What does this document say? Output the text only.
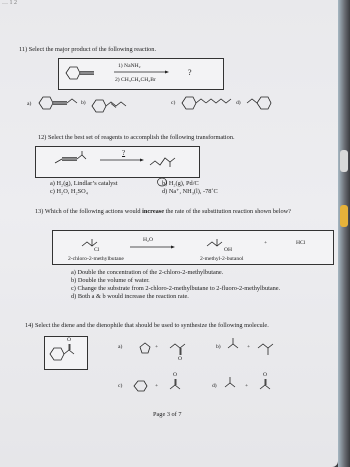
… 1 2
11) Select the major product of the following reaction.
1) NaNH₂
2) CH₃CH₂CH₂Br
?
a)	b)	c)	d)
12) Select the best set of reagents to accomplish the following transformation.
?
a) H₂(g), Lindlar’s catalyst	b) H₂(g), Pd/C
c) H₂O, H₂SO₄	d) Na⁺, NH₃(l), -78˚C
13) Which of the following actions would increase the rate of the substitution reaction shown below?
Cl
H₂O
OH
+	HCl
2-chloro-2-methylbutane	2-methyl-2-butanol
a) Double the concentration of the 2-chloro-2-methylbutane.
b) Double the volume of water.
c) Change the substrate from 2-chloro-2-methylbutane to 2-fluoro-2-methylbutane.
d) Both a & b would increase the reaction rate.
14) Select the diene and the dienophile that should be used to synthesize the following molecule.
O
a)	+
O
b)	+
c)	+
O
d)	+
O
Page 3 of 7
